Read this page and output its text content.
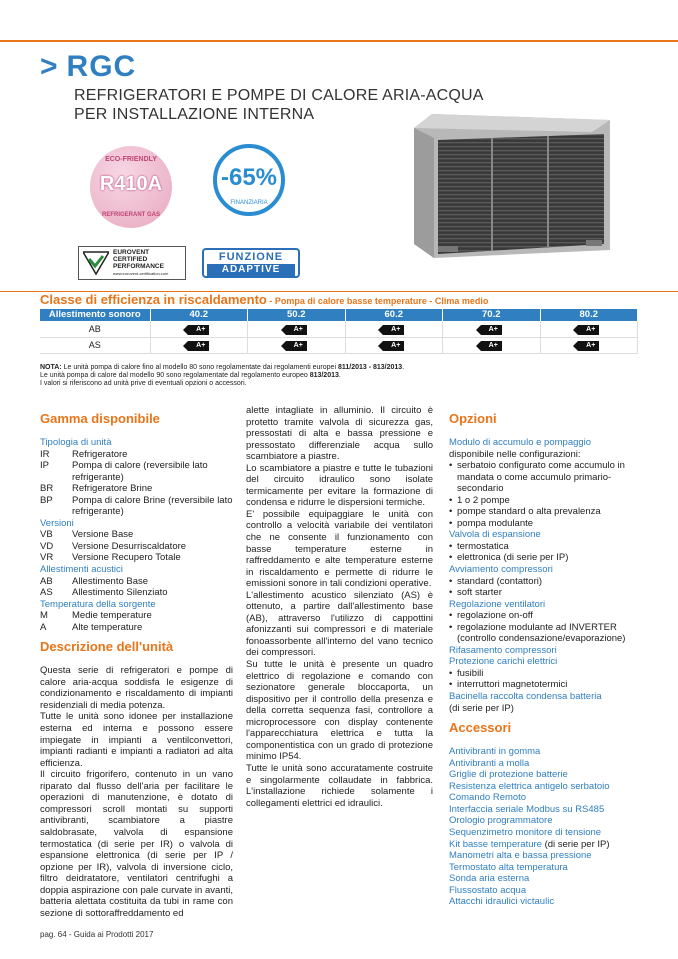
> RGC
REFRIGERATORI E POMPE DI CALORE ARIA-ACQUA
PER INSTALLAZIONE INTERNA
ECO-FRIENDLY
R410A
REFRIGERANT GAS
-65%
FINANZIARIA
EUROVENT
CERTIFIED
PERFORMANCE
www.eurovent-certification.com
FUNZIONE
ADAPTIVE
Classe di efficienza in riscaldamento - Pompa di calore basse temperature - Clima medio
Allestimento sonoro	40.2	50.2	60.2	70.2	80.2
AB	A+	A+	A+	A+	A+
AS	A+	A+	A+	A+	A+
NOTA: Le unità pompa di calore fino al modello 80 sono regolamentate dai regolamenti europei 811/2013 - 813/2013.
Le unità pompa di calore dal modello 90 sono regolamentate dal regolamento europeo 813/2013.
I valori si riferiscono ad unità prive di eventuali opzioni o accessori.
Gamma disponibile
Tipologia di unità
IR	Refrigeratore
IP	Pompa di calore (reversibile lato refrigerante)
BR	Refrigeratore Brine
BP	Pompa di calore Brine (reversibile lato refrigerante)
Versioni
VB	Versione Base
VD	Versione Desurriscaldatore
VR	Versione Recupero Totale
Allestimenti acustici
AB	Allestimento Base
AS	Allestimento Silenziato
Temperatura della sorgente
M	Medie temperature
A	Alte temperature
Descrizione dell'unità
Questa serie di refrigeratori e pompe di calore aria-acqua soddisfa le esigenze di condizionamento e riscaldamento di impianti residenziali di media potenza.
Tutte le unità sono idonee per installazione esterna ed interna e possono essere impiegate in impianti a ventilconvettori, impianti radianti e impianti a radiatori ad alta efficienza.
Il circuito frigorifero, contenuto in un vano riparato dal flusso dell'aria per facilitare le operazioni di manutenzione, è dotato di compressori scroll montati su supporti antivibranti, scambiatore a piastre saldobrasate, valvola di espansione termostatica (di serie per IR) o valvola di espansione elettronica (di serie per IP / opzione per IR), valvola di inversione ciclo, filtro deidratatore, ventilatori centrifughi a doppia aspirazione con pale curvate in avanti, batteria alettata costituita da tubi in rame con sezione di sottoraffreddamento ed
alette intagliate in alluminio. Il circuito è protetto tramite valvola di sicurezza gas, pressostati di alta e bassa pressione e pressostato differenziale acqua sullo scambiatore a piastre.
Lo scambiatore a piastre e tutte le tubazioni del circuito idraulico sono isolate termicamente per evitare la formazione di condensa e ridurre le dispersioni termiche.
E' possibile equipaggiare le unità con controllo a velocità variabile dei ventilatori che ne consente il funzionamento con basse temperature esterne in raffreddamento e alte temperature esterne in riscaldamento e permette di ridurre le emissioni sonore in tali condizioni operative.
L'allestimento acustico silenziato (AS) è ottenuto, a partire dall'allestimento base (AB), attraverso l'utilizzo di cappottini afonizzanti sui compressori e di materiale fonoassorbente all'interno del vano tecnico dei compressori.
Su tutte le unità è presente un quadro elettrico di regolazione e comando con sezionatore generale bloccaporta, un dispositivo per il controllo della presenza e della corretta sequenza fasi, controllore a microprocessore con display contenente l'apparecchiatura elettrica e tutta la componentistica con un grado di protezione minimo IP54.
Tutte le unità sono accuratamente costruite e singolarmente collaudate in fabbrica. L'installazione richiede solamente i collegamenti elettrici ed idraulici.
Opzioni
Modulo di accumulo e pompaggio
disponibile nelle configurazioni:
• serbatoio configurato come accumulo in mandata o come accumulo primario-secondario
• 1 o 2 pompe
• pompe standard o alta prevalenza
• pompa modulante
Valvola di espansione
• termostatica
• elettronica (di serie per IP)
Avviamento compressori
• standard (contattori)
• soft starter
Regolazione ventilatori
• regolazione on-off
• regolazione modulante ad INVERTER (controllo condensazione/evaporazione)
Rifasamento compressori
Protezione carichi elettrici
• fusibili
• interruttori magnetotermici
Bacinella raccolta condensa batteria
(di serie per IP)
Accessori
Antivibranti in gomma
Antivibranti a molla
Griglie di protezione batterie
Resistenza elettrica antigelo serbatoio
Comando Remoto
Interfaccia seriale Modbus su RS485
Orologio programmatore
Sequenzimetro monitore di tensione
Kit basse temperature (di serie per IP)
Manometri alta e bassa pressione
Termostato alta temperatura
Sonda aria esterna
Flussostato acqua
Attacchi idraulici victaulic
pag. 64 - Guida ai Prodotti 2017
